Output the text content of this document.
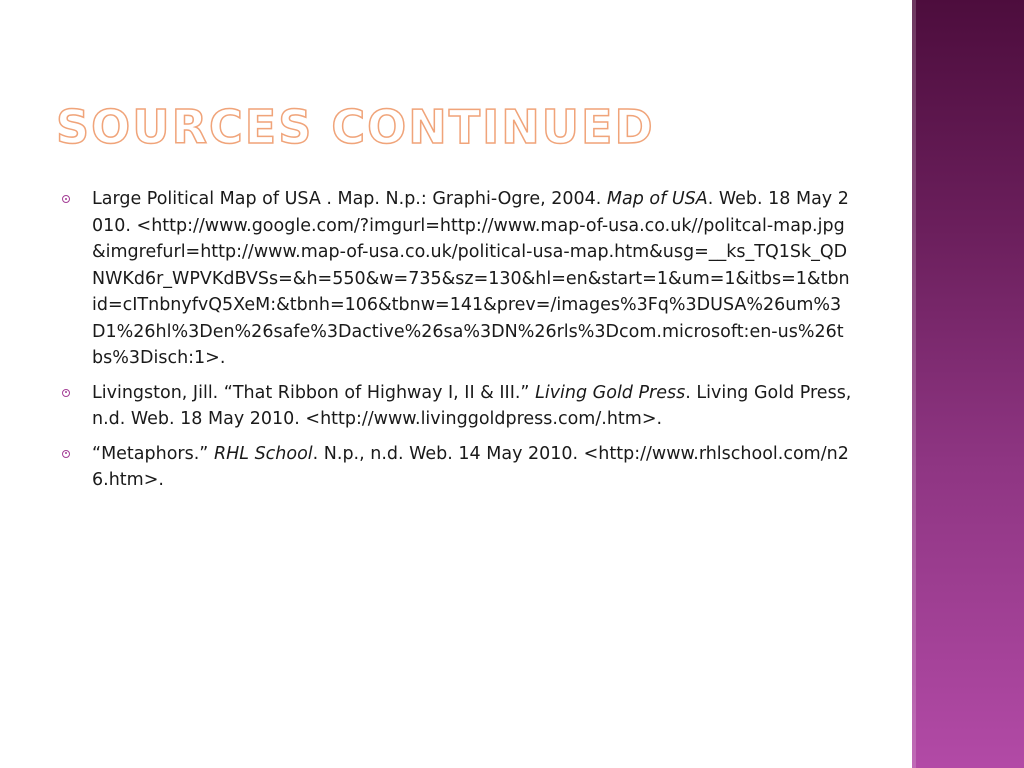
SOURCES CONTINUED
Large Political Map of USA . Map. N.p.: Graphi-Ogre, 2004. Map of USA. Web. 18 May 2010. <http://www.google.com/?imgurl=http://www.map-of-usa.co.uk//politcal-map.jpg&imgrefurl=http://www.map-of-usa.co.uk/political-usa-map.htm&usg=__ks_TQ1Sk_QDNWKd6r_WPVKdBVSs=&h=550&w=735&sz=130&hl=en&start=1&um=1&itbs=1&tbnid=cITnbnyfvQ5XeM:&tbnh=106&tbnw=141&prev=/images%3Fq%3DUSA%26um%3D1%26hl%3Den%26safe%3Dactive%26sa%3DN%26rls%3Dcom.microsoft:en-us%26tbs%3Disch:1>.
Livingston, Jill. “That Ribbon of Highway I, II & III.” Living Gold Press. Living Gold Press, n.d. Web. 18 May 2010. <http://www.livinggoldpress.com/.htm>.
“Metaphors.” RHL School. N.p., n.d. Web. 14 May 2010. <http://www.rhlschool.com/n26.htm>.
